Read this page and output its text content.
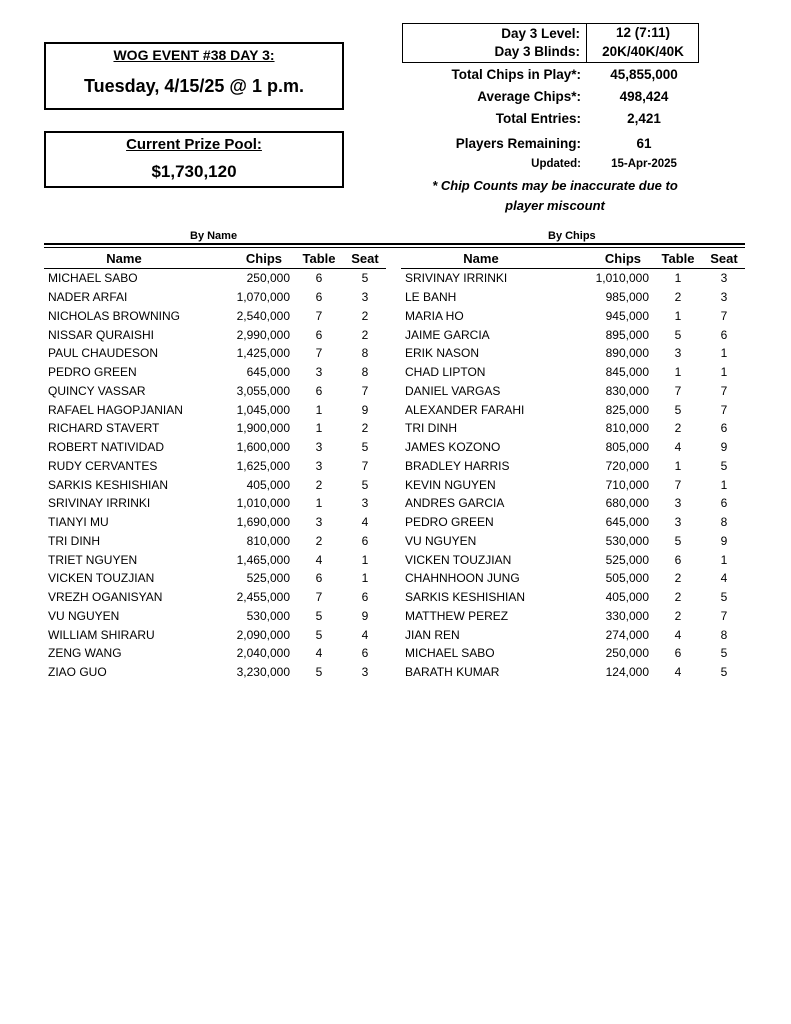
WOG EVENT #38 DAY 3:
Tuesday, 4/15/25 @ 1 p.m.
Current Prize Pool:
$1,730,120
Day 3 Level:	12 (7:11)
Day 3 Blinds:	20K/40K/40K
Total Chips in Play*:	45,855,000
Average Chips*:	498,424
Total Entries:	2,421
Players Remaining:	61
Updated:	15-Apr-2025
* Chip Counts may be inaccurate due to player miscount
By Name	By Chips
Name	Chips	Table	Seat
MICHAEL SABO	250,000	6	5
NADER ARFAI	1,070,000	6	3
NICHOLAS BROWNING	2,540,000	7	2
NISSAR QURAISHI	2,990,000	6	2
PAUL CHAUDESON	1,425,000	7	8
PEDRO GREEN	645,000	3	8
QUINCY VASSAR	3,055,000	6	7
RAFAEL HAGOPJANIAN	1,045,000	1	9
RICHARD STAVERT	1,900,000	1	2
ROBERT NATIVIDAD	1,600,000	3	5
RUDY CERVANTES	1,625,000	3	7
SARKIS KESHISHIAN	405,000	2	5
SRIVINAY IRRINKI	1,010,000	1	3
TIANYI MU	1,690,000	3	4
TRI DINH	810,000	2	6
TRIET NGUYEN	1,465,000	4	1
VICKEN TOUZJIAN	525,000	6	1
VREZH OGANISYAN	2,455,000	7	6
VU NGUYEN	530,000	5	9
WILLIAM SHIRARU	2,090,000	5	4
ZENG WANG	2,040,000	4	6
ZIAO GUO	3,230,000	5	3
Name	Chips	Table	Seat
SRIVINAY IRRINKI	1,010,000	1	3
LE BANH	985,000	2	3
MARIA HO	945,000	1	7
JAIME GARCIA	895,000	5	6
ERIK NASON	890,000	3	1
CHAD LIPTON	845,000	1	1
DANIEL VARGAS	830,000	7	7
ALEXANDER FARAHI	825,000	5	7
TRI DINH	810,000	2	6
JAMES KOZONO	805,000	4	9
BRADLEY HARRIS	720,000	1	5
KEVIN NGUYEN	710,000	7	1
ANDRES GARCIA	680,000	3	6
PEDRO GREEN	645,000	3	8
VU NGUYEN	530,000	5	9
VICKEN TOUZJIAN	525,000	6	1
CHAHNHOON JUNG	505,000	2	4
SARKIS KESHISHIAN	405,000	2	5
MATTHEW PEREZ	330,000	2	7
JIAN REN	274,000	4	8
MICHAEL SABO	250,000	6	5
BARATH KUMAR	124,000	4	5
